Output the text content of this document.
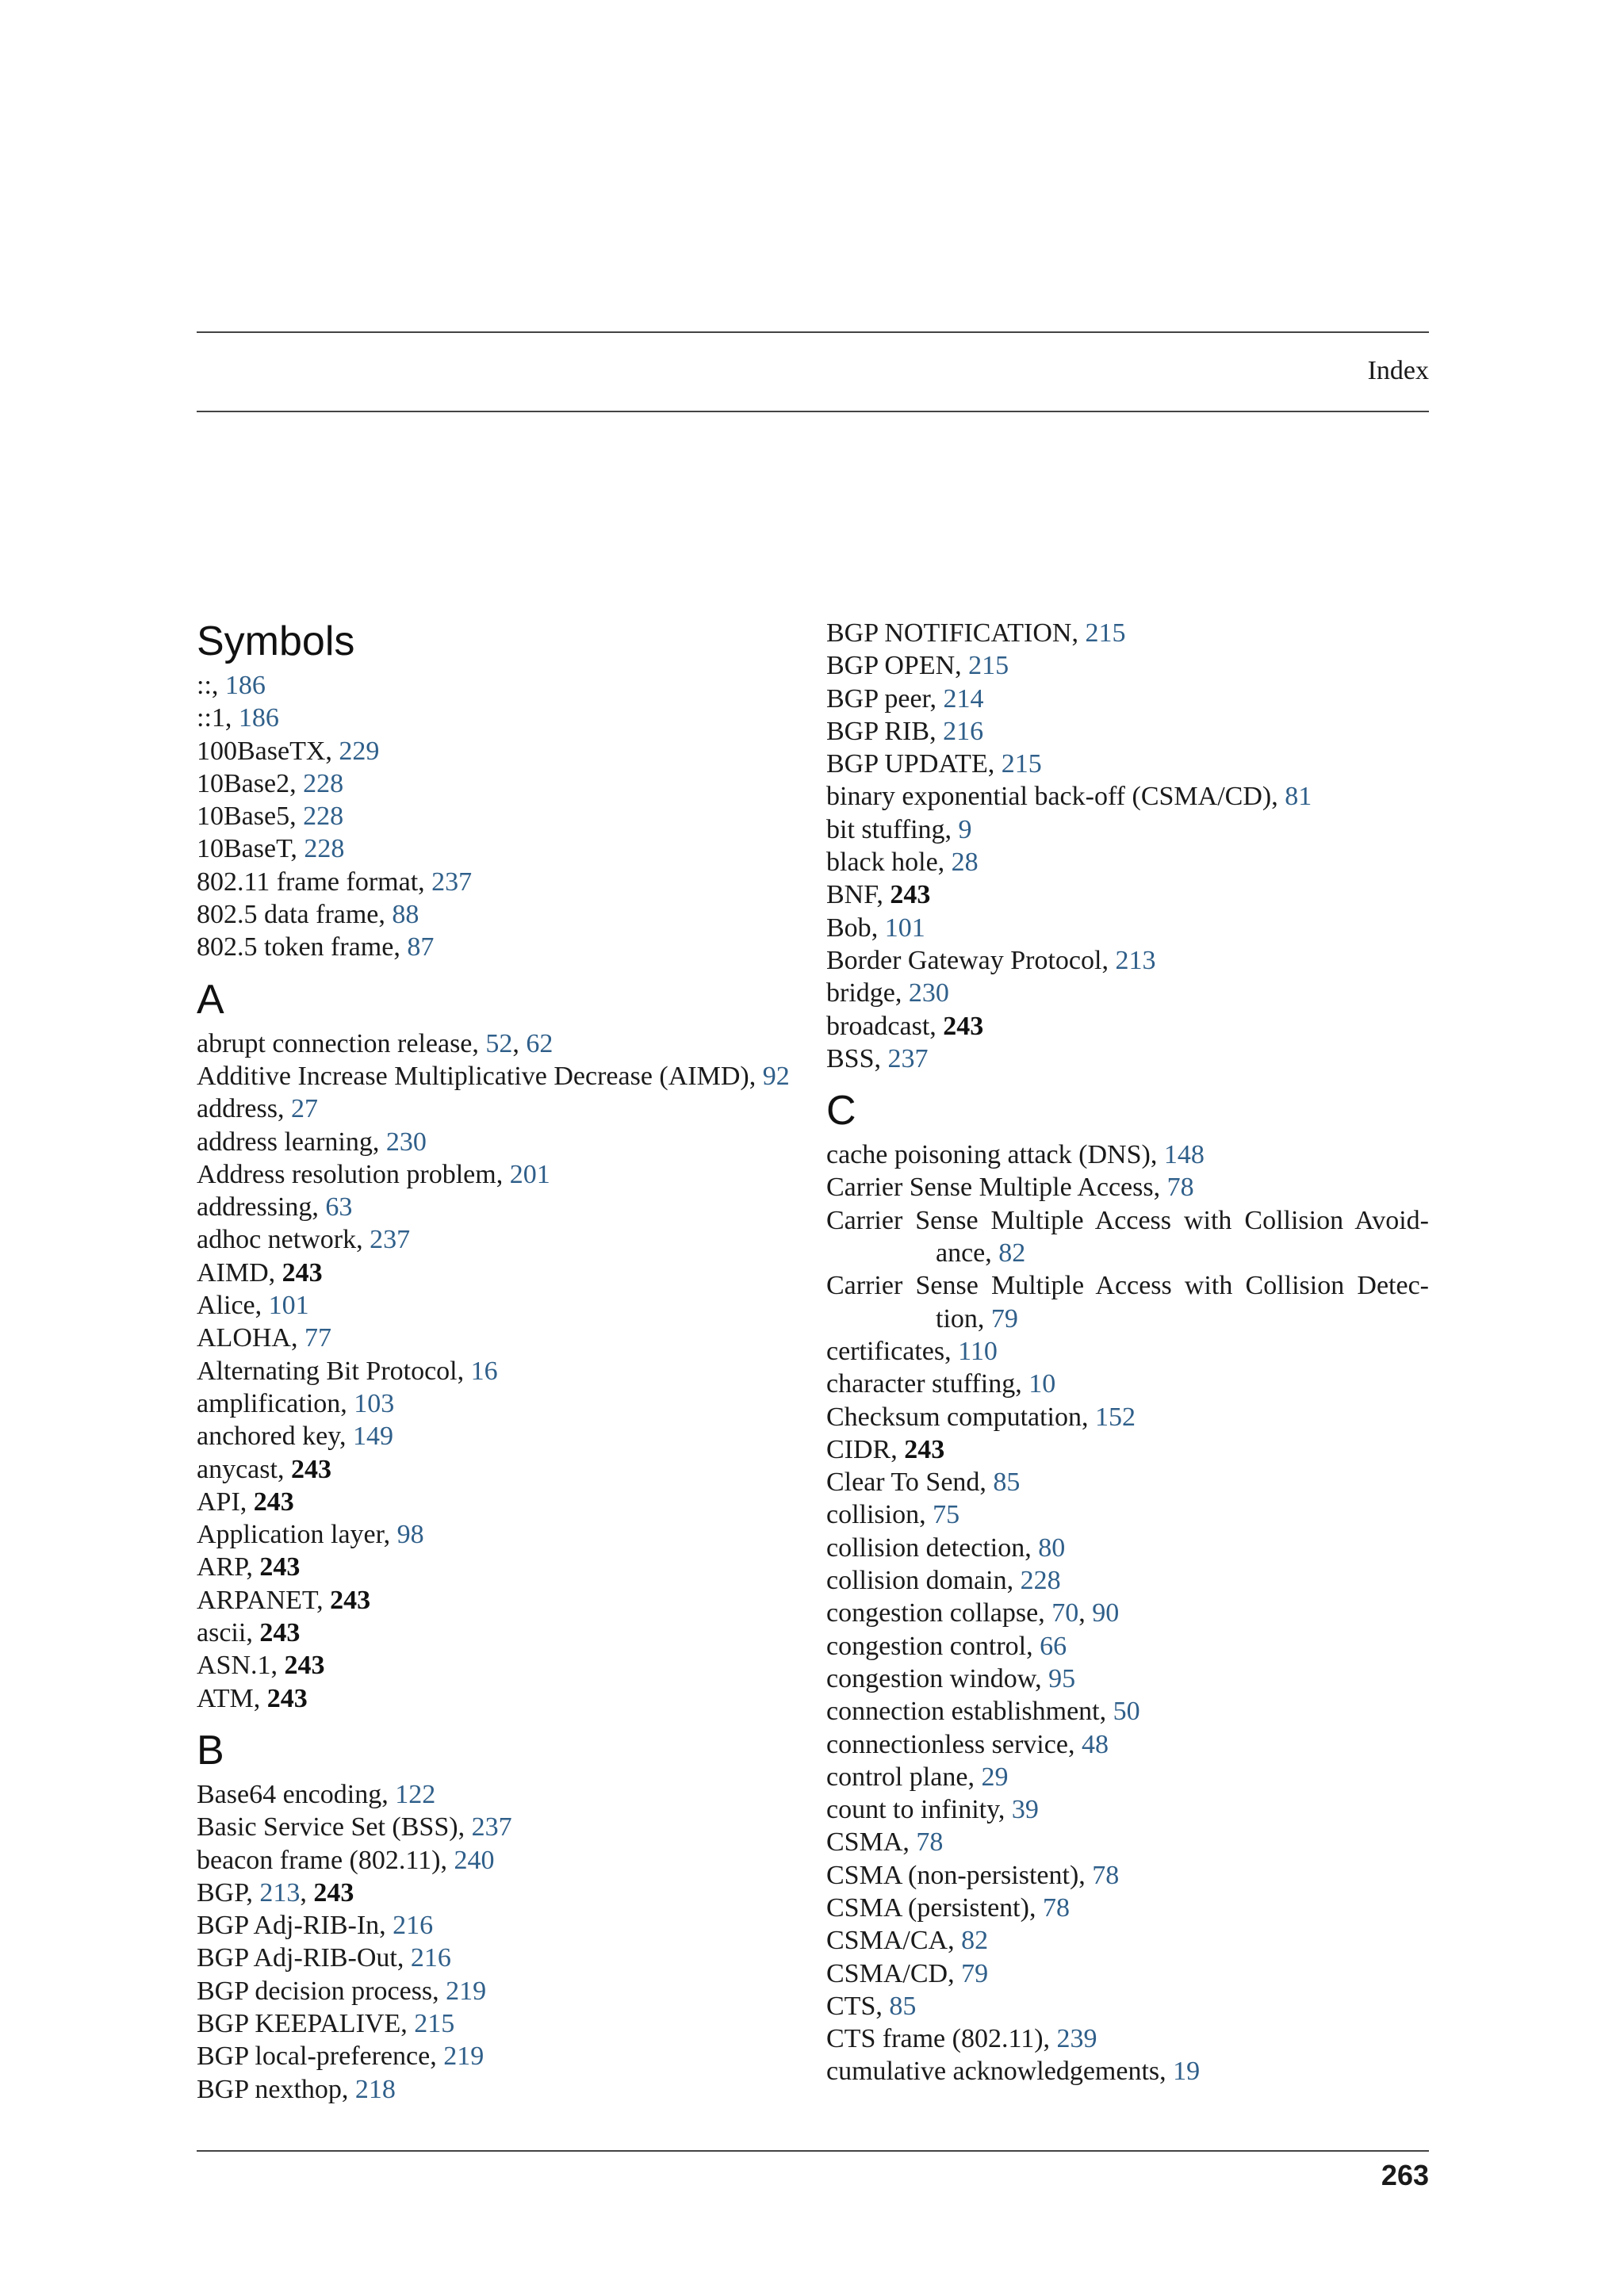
Index
Symbols
::, 186
::1, 186
100BaseTX, 229
10Base2, 228
10Base5, 228
10BaseT, 228
802.11 frame format, 237
802.5 data frame, 88
802.5 token frame, 87
A
abrupt connection release, 52, 62
Additive Increase Multiplicative Decrease (AIMD), 92
address, 27
address learning, 230
Address resolution problem, 201
addressing, 63
adhoc network, 237
AIMD, 243
Alice, 101
ALOHA, 77
Alternating Bit Protocol, 16
amplification, 103
anchored key, 149
anycast, 243
API, 243
Application layer, 98
ARP, 243
ARPANET, 243
ascii, 243
ASN.1, 243
ATM, 243
B
Base64 encoding, 122
Basic Service Set (BSS), 237
beacon frame (802.11), 240
BGP, 213, 243
BGP Adj-RIB-In, 216
BGP Adj-RIB-Out, 216
BGP decision process, 219
BGP KEEPALIVE, 215
BGP local-preference, 219
BGP nexthop, 218
BGP NOTIFICATION, 215
BGP OPEN, 215
BGP peer, 214
BGP RIB, 216
BGP UPDATE, 215
binary exponential back-off (CSMA/CD), 81
bit stuffing, 9
black hole, 28
BNF, 243
Bob, 101
Border Gateway Protocol, 213
bridge, 230
broadcast, 243
BSS, 237
C
cache poisoning attack (DNS), 148
Carrier Sense Multiple Access, 78
Carrier Sense Multiple Access with Collision Avoid- ance, 82
Carrier Sense Multiple Access with Collision Detec- tion, 79
certificates, 110
character stuffing, 10
Checksum computation, 152
CIDR, 243
Clear To Send, 85
collision, 75
collision detection, 80
collision domain, 228
congestion collapse, 70, 90
congestion control, 66
congestion window, 95
connection establishment, 50
connectionless service, 48
control plane, 29
count to infinity, 39
CSMA, 78
CSMA (non-persistent), 78
CSMA (persistent), 78
CSMA/CA, 82
CSMA/CD, 79
CTS, 85
CTS frame (802.11), 239
cumulative acknowledgements, 19
263
